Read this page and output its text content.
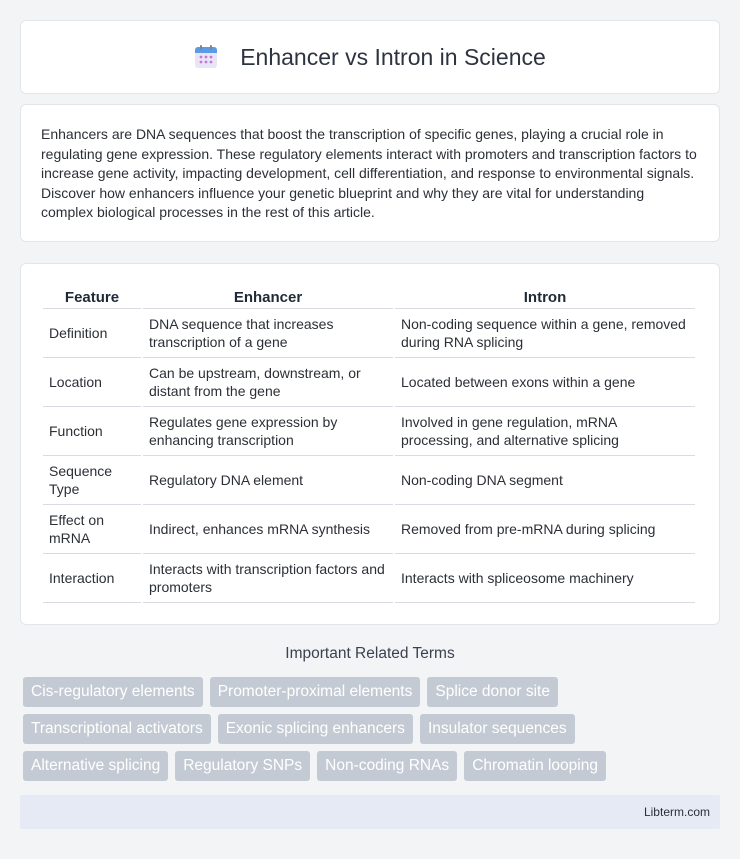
Enhancer vs Intron in Science

Enhancers are DNA sequences that boost the transcription of specific genes, playing a crucial role in regulating gene expression. These regulatory elements interact with promoters and transcription factors to increase gene activity, impacting development, cell differentiation, and response to environmental signals. Discover how enhancers influence your genetic blueprint and why they are vital for understanding complex biological processes in the rest of this article.

Feature	Enhancer	Intron
Definition	DNA sequence that increases transcription of a gene	Non-coding sequence within a gene, removed during RNA splicing
Location	Can be upstream, downstream, or distant from the gene	Located between exons within a gene
Function	Regulates gene expression by enhancing transcription	Involved in gene regulation, mRNA processing, and alternative splicing
Sequence Type	Regulatory DNA element	Non-coding DNA segment
Effect on mRNA	Indirect, enhances mRNA synthesis	Removed from pre-mRNA during splicing
Interaction	Interacts with transcription factors and promoters	Interacts with spliceosome machinery
Important Related Terms
Cis-regulatory elements	Promoter-proximal elements	Splice donor site
Transcriptional activators	Exonic splicing enhancers	Insulator sequences
Alternative splicing	Regulatory SNPs	Non-coding RNAs	Chromatin looping
Libterm.com
